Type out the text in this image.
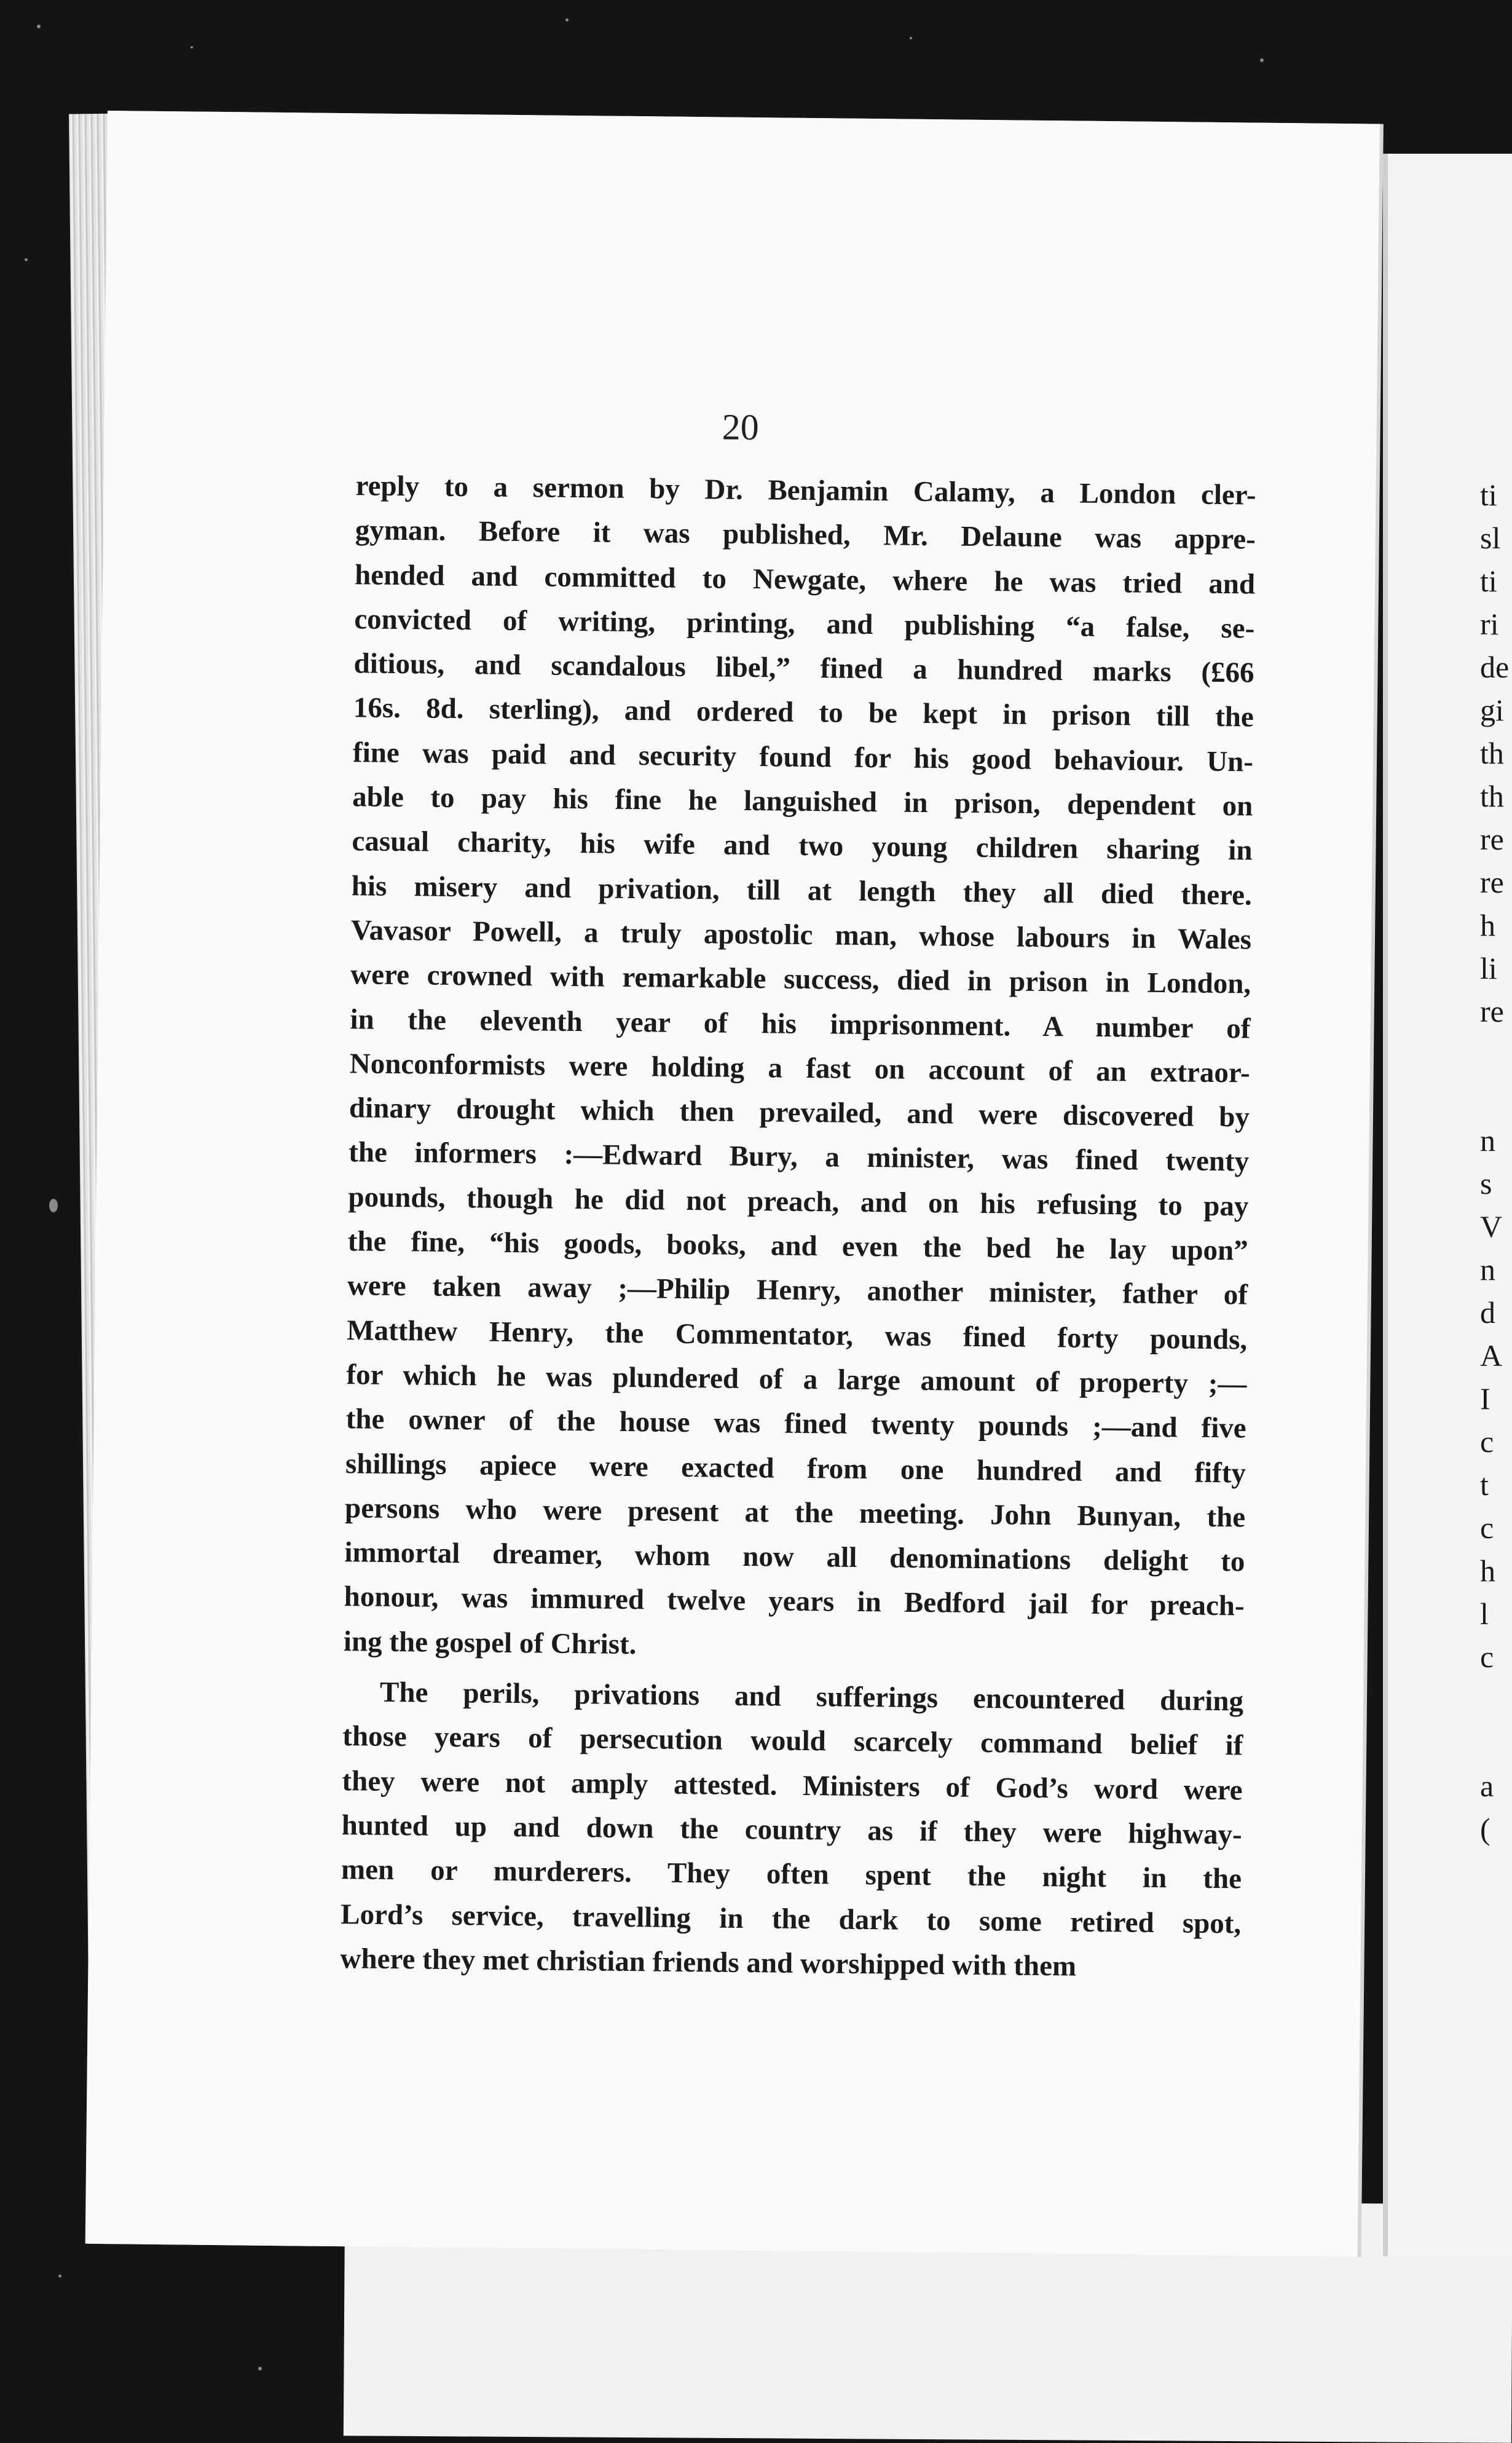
ti
sl
ti
ri
de
gi
th
th
re
re
h
li
re
n
s
V
n
d
A
I
c
t
c
h
l
c
a
(
20
reply to a sermon by Dr. Benjamin Calamy, a London cler-
gyman. Before it was published, Mr. Delaune was appre-
hended and committed to Newgate, where he was tried and
convicted of writing, printing, and publishing “a false, se-
ditious, and scandalous libel,” fined a hundred marks (£66
16s. 8d. sterling), and ordered to be kept in prison till the
fine was paid and security found for his good behaviour. Un-
able to pay his fine he languished in prison, dependent on
casual charity, his wife and two young children sharing in
his misery and privation, till at length they all died there.
Vavasor Powell, a truly apostolic man, whose labours in Wales
were crowned with remarkable success, died in prison in London,
in the eleventh year of his imprisonment. A number of
Nonconformists were holding a fast on account of an extraor-
dinary drought which then prevailed, and were discovered by
the informers :—Edward Bury, a minister, was fined twenty
pounds, though he did not preach, and on his refusing to pay
the fine, “his goods, books, and even the bed he lay upon”
were taken away ;—Philip Henry, another minister, father of
Matthew Henry, the Commentator, was fined forty pounds,
for which he was plundered of a large amount of property ;—
the owner of the house was fined twenty pounds ;—and five
shillings apiece were exacted from one hundred and fifty
persons who were present at the meeting. John Bunyan, the
immortal dreamer, whom now all denominations delight to
honour, was immured twelve years in Bedford jail for preach-
ing the gospel of Christ.
The perils, privations and sufferings encountered during
those years of persecution would scarcely command belief if
they were not amply attested. Ministers of God’s word were
hunted up and down the country as if they were highway-
men or murderers. They often spent the night in the
Lord’s service, travelling in the dark to some retired spot,
where they met christian friends and worshipped with them
